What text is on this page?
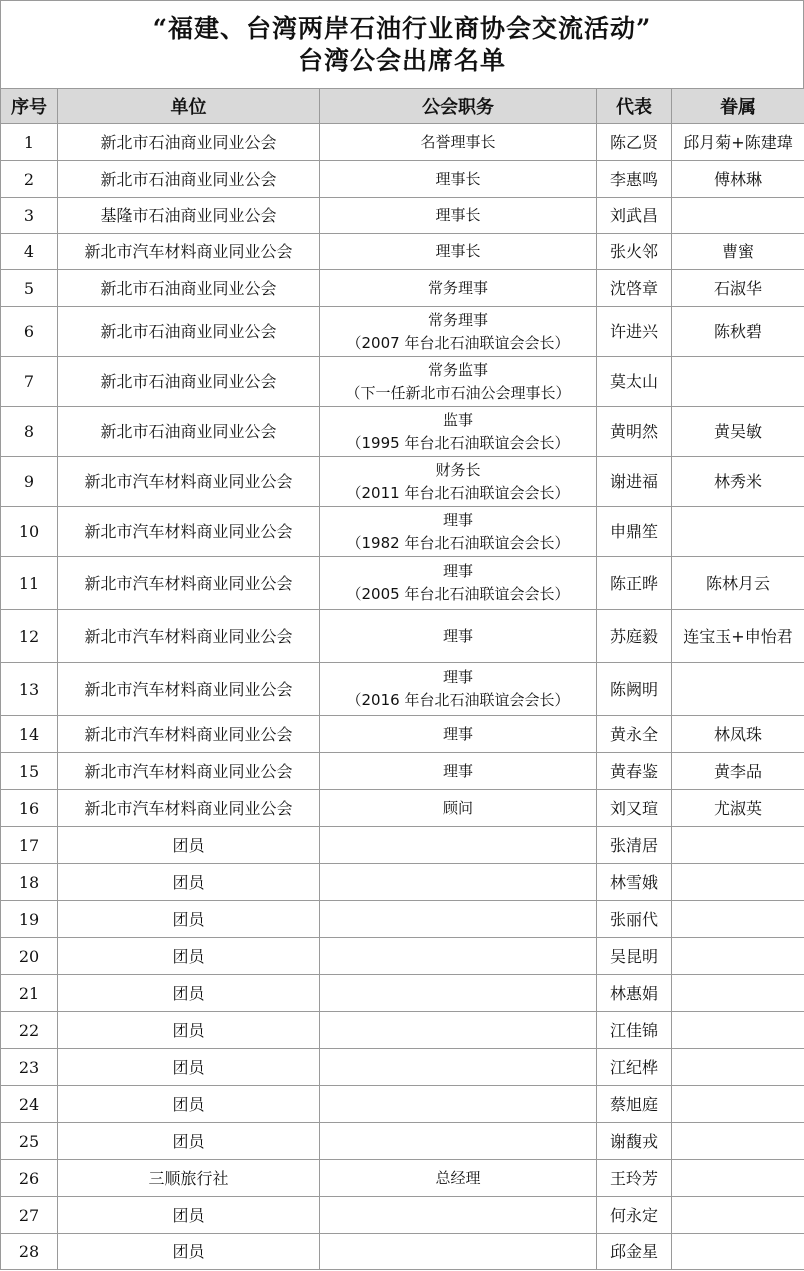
“福建、台湾两岸石油行业商协会交流活动”
台湾公会出席名单
序号	单位	公会职务	代表	眷属
1	新北市石油商业同业公会	名誉理事长	陈乙贤	邱月菊+陈建瑋
2	新北市石油商业同业公会	理事长	李惠鸣	傅林琳
3	基隆市石油商业同业公会	理事长	刘武昌	
4	新北市汽车材料商业同业公会	理事长	张火邻	曹蜜
5	新北市石油商业同业公会	常务理事	沈啓章	石淑华
6	新北市石油商业同业公会	常务理事
（2007 年台北石油联谊会会长）	许进兴	陈秋碧
7	新北市石油商业同业公会	常务监事
（下一任新北市石油公会理事长）	莫太山	
8	新北市石油商业同业公会	监事
（1995 年台北石油联谊会会长）	黄明然	黄吴敏
9	新北市汽车材料商业同业公会	财务长
（2011 年台北石油联谊会会长）	谢进福	林秀米
10	新北市汽车材料商业同业公会	理事
（1982 年台北石油联谊会会长）	申鼎笙	
11	新北市汽车材料商业同业公会	理事
（2005 年台北石油联谊会会长）	陈正晔	陈林月云
12	新北市汽车材料商业同业公会	理事	苏庭毅	连宝玉+申怡君
13	新北市汽车材料商业同业公会	理事
（2016 年台北石油联谊会会长）	陈阙明	
14	新北市汽车材料商业同业公会	理事	黄永全	林凤珠
15	新北市汽车材料商业同业公会	理事	黄春鉴	黄李品
16	新北市汽车材料商业同业公会	顾问	刘又瑄	尤淑英
17	团员		张清居	
18	团员		林雪娥	
19	团员		张丽代	
20	团员		吴昆明	
21	团员		林惠娟	
22	团员		江佳锦	
23	团员		江纪桦	
24	团员		蔡旭庭	
25	团员		谢馥戎	
26	三顺旅行社	总经理	王玲芳	
27	团员		何永定	
28	团员		邱金星	
